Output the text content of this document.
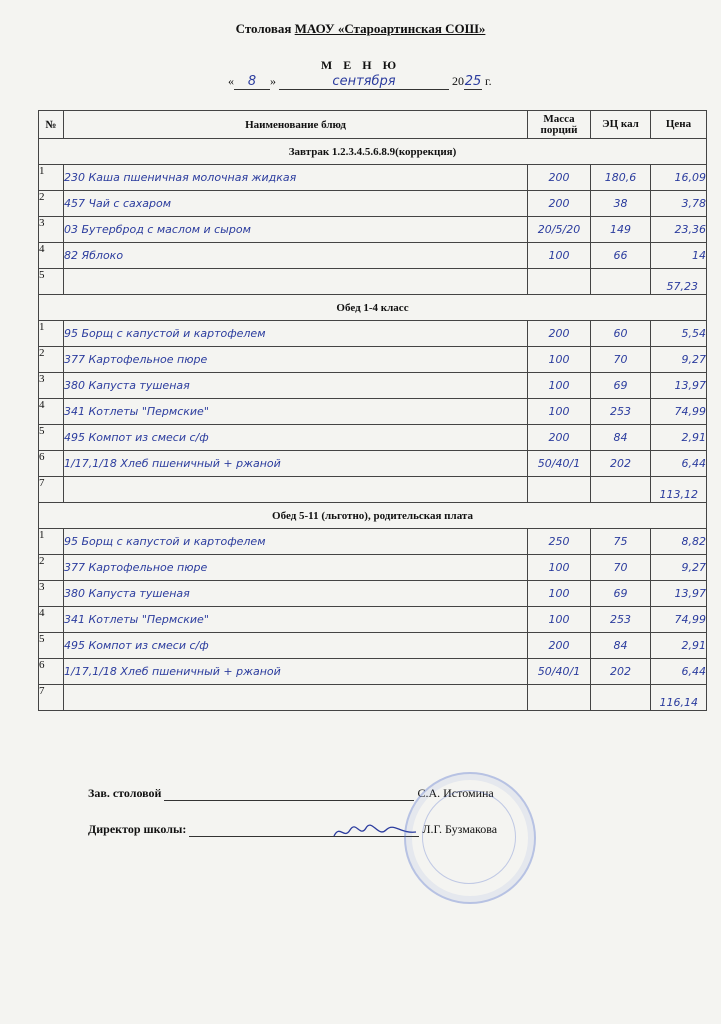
Столовая МАОУ «Староартинская СОШ»
М Е Н Ю
« 8 »	сентября	2025 г.
№	Наименование блюд	Масса порций	ЭЦ кал	Цена
Завтрак 1.2.3.4.5.6.8.9(коррекция)				
1	230 Каша пшеничная молочная жидкая	200	180,6	16,09
2	457 Чай с сахаром	200	38	3,78
3	03 Бутерброд с маслом и сыром	20/5/20	149	23,36
4	82 Яблоко	100	66	14
5				57,23

Обед 1-4 класс				
1	95 Борщ с капустой и картофелем	200	60	5,54
2	377 Картофельное пюре	100	70	9,27
3	380 Капуста тушеная	100	69	13,97
4	341 Котлеты "Пермские"	100	253	74,99
5	495 Компот из смеси с/ф	200	84	2,91
6	1/17,1/18 Хлеб пшеничный + ржаной	50/40/1	202	6,44
7				113,12

Обед 5-11 (льготно), родительская плата				
1	95 Борщ с капустой и картофелем	250	75	8,82
2	377 Картофельное пюре	100	70	9,27
3	380 Капуста тушеная	100	69	13,97
4	341 Котлеты "Пермские"	100	253	74,99
5	495 Компот из смеси с/ф	200	84	2,91
6	1/17,1/18 Хлеб пшеничный + ржаной	50/40/1	202	6,44
7				116,14
Зав. столовой	С.А. Истомина
Директор школы:	Л.Г. Бузмакова
